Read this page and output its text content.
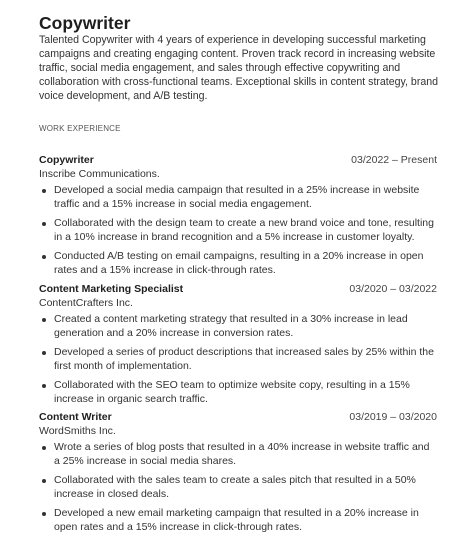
Copywriter

Talented Copywriter with 4 years of experience in developing successful marketing campaigns and creating engaging content. Proven track record in increasing website traffic, social media engagement, and sales through effective copywriting and collaboration with cross-functional teams. Exceptional skills in content strategy, brand voice development, and A/B testing.

WORK EXPERIENCE
Copywriter	03/2022 – Present
Inscribe Communications.
Developed a social media campaign that resulted in a 25% increase in website traffic and a 15% increase in social media engagement.
Collaborated with the design team to create a new brand voice and tone, resulting in a 10% increase in brand recognition and a 5% increase in customer loyalty.
Conducted A/B testing on email campaigns, resulting in a 20% increase in open rates and a 15% increase in click-through rates.
Content Marketing Specialist	03/2020 – 03/2022
ContentCrafters Inc.
Created a content marketing strategy that resulted in a 30% increase in lead generation and a 20% increase in conversion rates.
Developed a series of product descriptions that increased sales by 25% within the first month of implementation.
Collaborated with the SEO team to optimize website copy, resulting in a 15% increase in organic search traffic.
Content Writer	03/2019 – 03/2020
WordSmiths Inc.
Wrote a series of blog posts that resulted in a 40% increase in website traffic and a 25% increase in social media shares.
Collaborated with the sales team to create a sales pitch that resulted in a 50% increase in closed deals.
Developed a new email marketing campaign that resulted in a 20% increase in open rates and a 15% increase in click-through rates.
